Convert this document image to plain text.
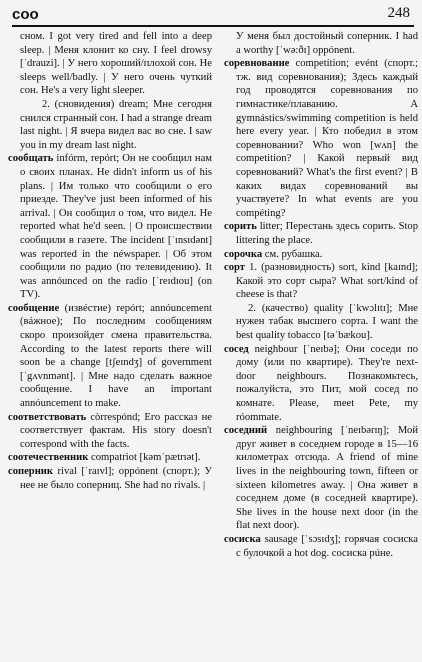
coo	248

сном. I got very tired and fell into a deep sleep. | Меня клонит ко сну. I feel drowsy [ˈdrauzi]. | У него хороший/плохой сон. He sleeps well/badly. | У него очень чуткий сон. He's a very light sleeper.

2. (сновидения) dream; Мне сегодня снился странный сон. I had a strange dream last night. | Я вчера видел вас во сне. I saw you in my dream last night.

сообщать infórm, repórt; Он не сообщил нам о своих планах. He didn't inform us of his plans. | Им только что сообщили о его приезде. They've just been informed of his arrival. | Он сообщил о том, что видел. He reported what he'd seen. | О происшествии сообщили в газете. The incident [ˈɪnsɪdənt] was reported in the néwspaper. | Об этом сообщили по радио (по телевидению). It was annóunced on the radio [ˈreɪdɪou] (on TV).

сообщение (извéстие) repórt; annóuncement (вáжное); По последним сообщениям скоро произойдет смена правительства. According to the latest reports there will soon be a change [tʃeɪndʒ] of government [ˈgʌvnmənt]. | Мне надо сделать важное сообщение. I have an important annóuncement to make.

соответствовать còrrespónd; Его рассказ не соответствует фактам. His story doesn't correspond with the facts.

соотечественник compatriot [kəmˈpætrɪət].

соперник rival [ˈraɪvl]; oppónent (спорт.); У нее не было соперниц. She had no rivals. |

У меня был достойный соперник. I had a worthy [ˈwə:ðɪ] oppónent.

соревнование competítion; evént (спорт.; тж. вид соревнования); Здесь каждый год проводятся соревнования по гимнастике/плаванию. A gymnástics/swimming competition is held here every year. | Кто победил в этом соревновании? Who won [wʌn] the competition? | Какой первый вид соревнований? What's the first event? | В каких видах соревнований вы участвуете? In what events are you compéting?

сорить litter; Перестань здесь сорить. Stop littering the place.

сорочка см. рубашка.

сорт 1. (разновидность) sort, kind [kaɪnd]; Какой это сорт сыра? What sort/kind of cheese is that?

2. (качество) quality [ˈkwɔlɪtɪ]; Мне нужен табак высшего сорта. I want the best quality tobacco [təˈbækou].

сосед neighbour [ˈneɪbə]; Они соседи по дому (или по квартире). They're next-door neighbours. Познакомьтесь, пожалуйста, это Пит, мой сосед по комнате. Please, meet Pete, my róommate.

соседний neighbouring [ˈneɪbərɪŋ]; Мой друг живет в соседнем городе в 15—16 километрах отсюда. A friend of mine lives in the neighbouring town, fifteen or sixteen kilometres away. | Она живет в соседнем доме (в соседней квартире). She lives in the house next door (in the flat next door).

сосиска sausage [ˈsɔsɪdʒ]; горячая сосиска с булочкой a hot dog. сосиска рúне.
